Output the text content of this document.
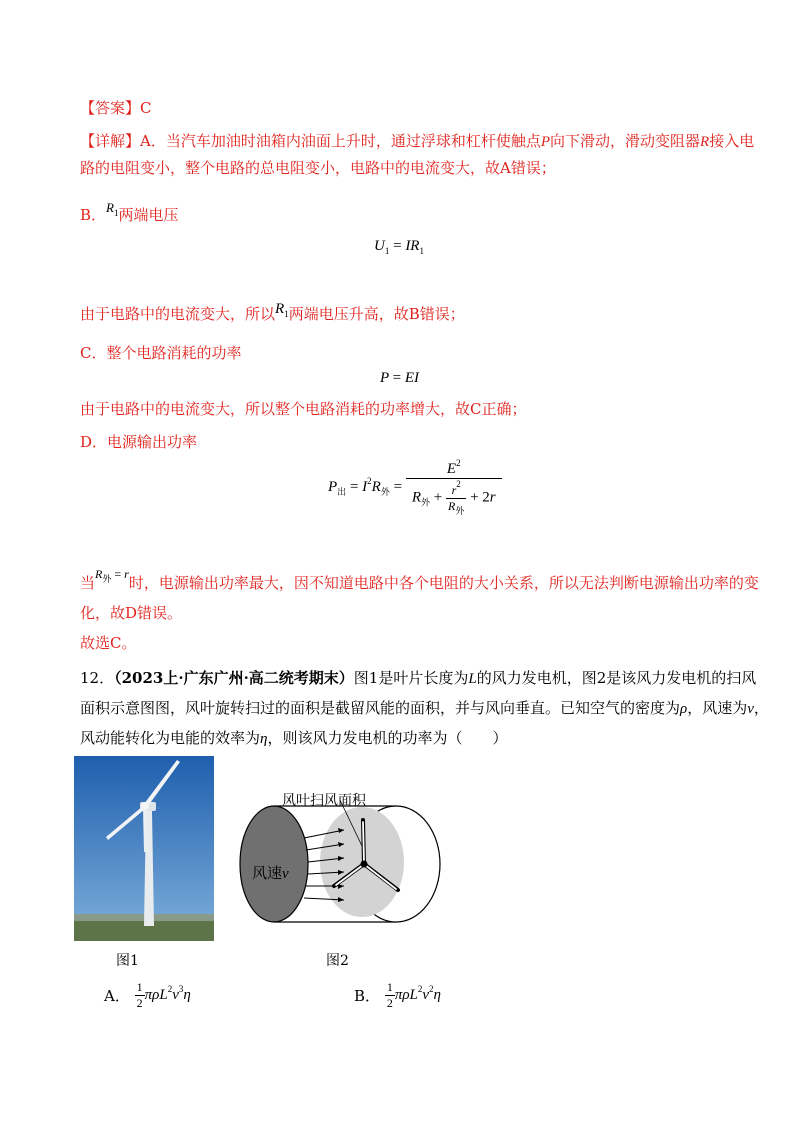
【答案】C
【详解】A．当汽车加油时油箱内油面上升时，通过浮球和杠杆使触点P向下滑动，滑动变阻器R接入电
路的电阻变小，整个电路的总电阻变小，电路中的电流变大，故A错误；
B．$R_1$两端电压
$U_1 = IR_1$
由于电路中的电流变大，所以$R_1$两端电压升高，故B错误；
C．整个电路消耗的功率
P = EI
由于电路中的电流变大，所以整个电路消耗的功率增大，故C正确；
D．电源输出功率
$P_出 = I^2R_外 = \frac{E^2}{R_外 + \frac{r^2}{R_外} + 2r}$
当$^{R_外 = r}$时，电源输出功率最大，因不知道电路中各个电阻的大小关系，所以无法判断电源输出功率的变
化，故D错误。
故选C。
12．（2023上·广东广州·高二统考期末）图1是叶片长度为L的风力发电机，图2是该风力发电机的扫风
面积示意图图，风叶旋转扫过的面积是截留风能的面积，并与风向垂直。已知空气的密度为ρ，风速为v，
风动能转化为电能的效率为η，则该风力发电机的功率为（　　）
风叶扫风面积
风速v
图1	图2
A． $\frac{1}{2} \pi\rho L^2v^3\eta$	B． $\frac{1}{2} \pi\rho L^2v^2\eta$
